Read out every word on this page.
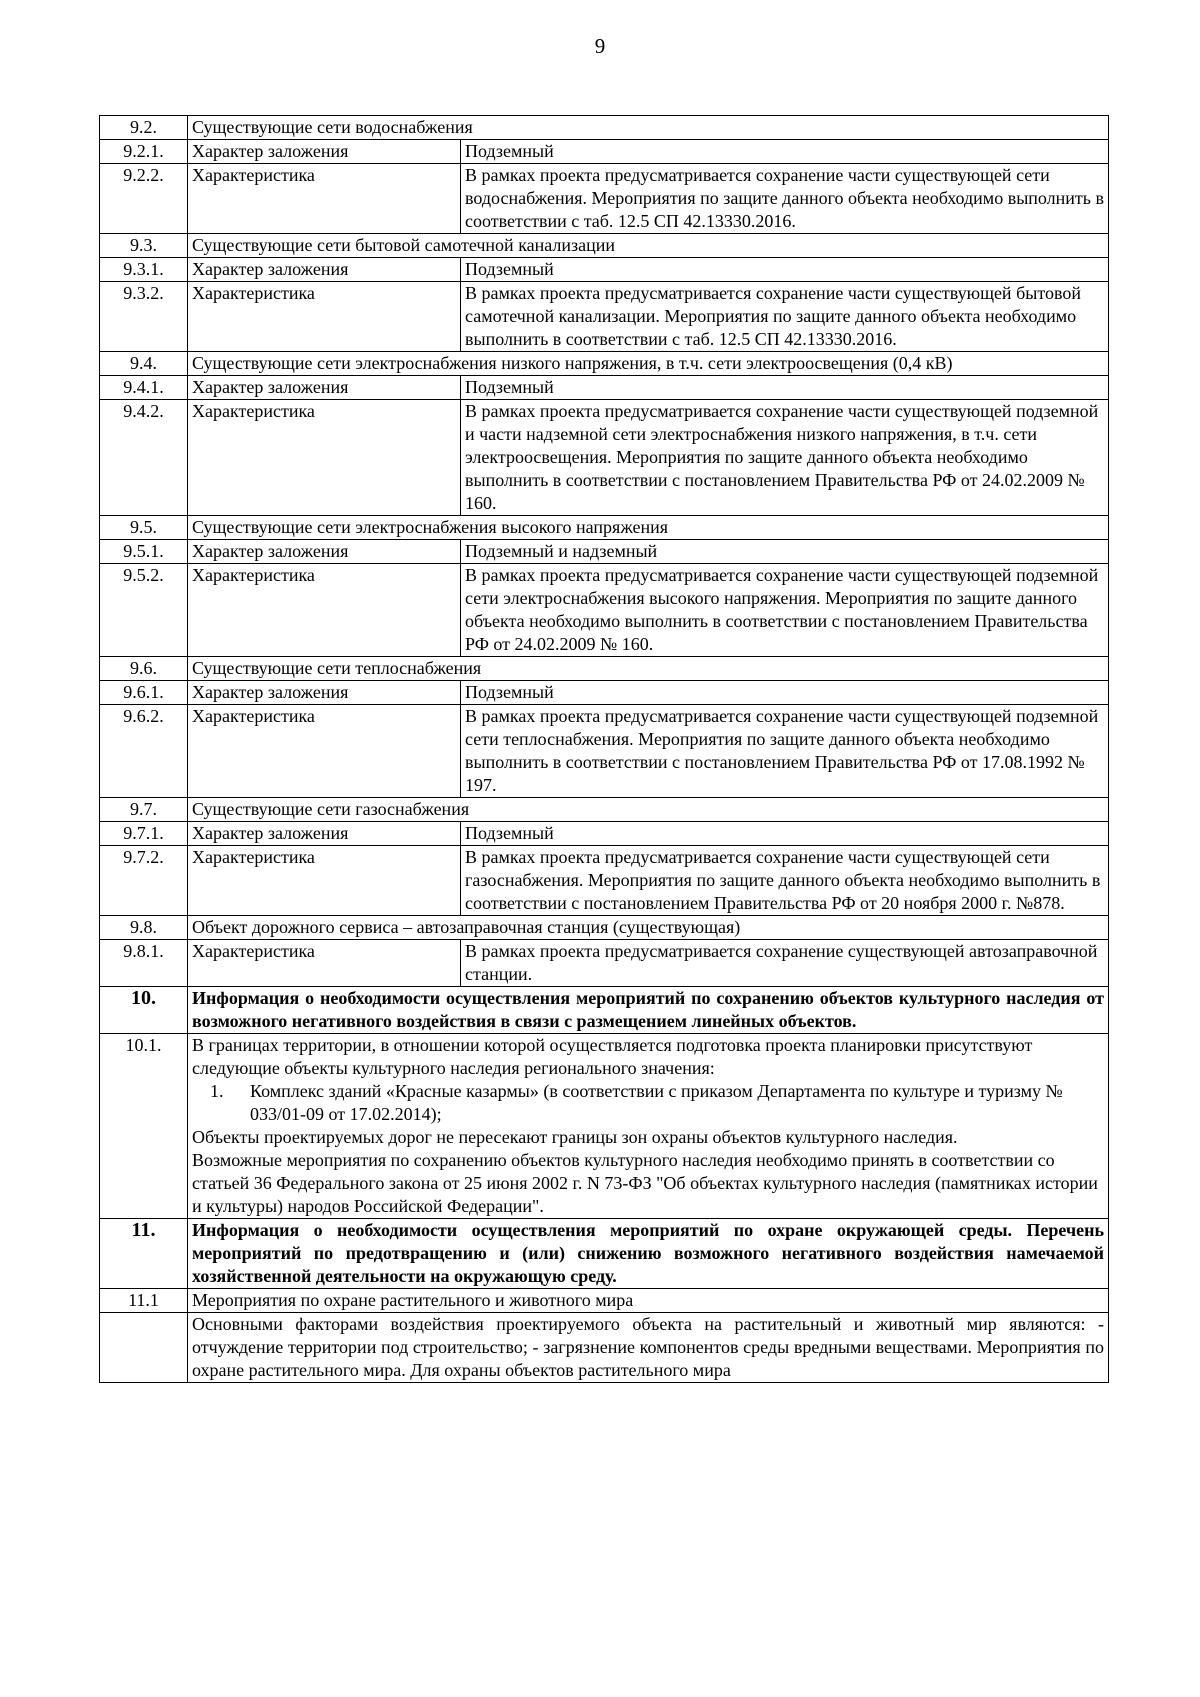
9
9.2.	Существующие сети водоснабжения	
9.2.1.	Характер заложения	Подземный
9.2.2.	Характеристика	В рамках проекта предусматривается сохранение части существующей сети водоснабжения. Мероприятия по защите данного объекта необходимо выполнить в соответствии с таб. 12.5 СП 42.13330.2016.
9.3.	Существующие сети бытовой самотечной канализации	
9.3.1.	Характер заложения	Подземный
9.3.2.	Характеристика	В рамках проекта предусматривается сохранение части существующей бытовой самотечной канализации. Мероприятия по защите данного объекта необходимо выполнить в соответствии с таб. 12.5 СП 42.13330.2016.
9.4.	Существующие сети электроснабжения низкого напряжения, в т.ч. сети электроосвещения (0,4 кВ)	
9.4.1.	Характер заложения	Подземный
9.4.2.	Характеристика	В рамках проекта предусматривается сохранение части существующей подземной и части надземной сети электроснабжения низкого напряжения, в т.ч. сети электроосвещения. Мероприятия по защите данного объекта необходимо выполнить в соответствии с постановлением Правительства РФ от 24.02.2009 № 160.
9.5.	Существующие сети электроснабжения высокого напряжения	
9.5.1.	Характер заложения	Подземный и надземный
9.5.2.	Характеристика	В рамках проекта предусматривается сохранение части существующей подземной сети электроснабжения высокого напряжения. Мероприятия по защите данного объекта необходимо выполнить в соответствии с постановлением Правительства РФ от 24.02.2009 № 160.
9.6.	Существующие сети теплоснабжения	
9.6.1.	Характер заложения	Подземный
9.6.2.	Характеристика	В рамках проекта предусматривается сохранение части существующей подземной сети теплоснабжения. Мероприятия по защите данного объекта необходимо выполнить в соответствии с постановлением Правительства РФ от 17.08.1992 № 197.
9.7.	Существующие сети газоснабжения	
9.7.1.	Характер заложения	Подземный
9.7.2.	Характеристика	В рамках проекта предусматривается сохранение части существующей сети газоснабжения. Мероприятия по защите данного объекта необходимо выполнить в соответствии с постановлением Правительства РФ от 20 ноября 2000 г. №878.
9.8.	Объект дорожного сервиса – автозаправочная станция (существующая)	
9.8.1.	Характеристика	В рамках проекта предусматривается сохранение существующей автозаправочной станции.
10.	Информация о необходимости осуществления мероприятий по сохранению объектов культурного наследия от возможного негативного воздействия в связи с размещением линейных объектов.	
10.1.	В границах территории, в отношении которой осуществляется подготовка проекта планировки присутствуют следующие объекты культурного наследия регионального значения:
1. Комплекс зданий «Красные казармы» (в соответствии с приказом Департамента по культуре и туризму № 033/01-09 от 17.02.2014);
Объекты проектируемых дорог не пересекают границы зон охраны объектов культурного наследия.
Возможные мероприятия по сохранению объектов культурного наследия необходимо принять в соответствии со статьей 36 Федерального закона от 25 июня 2002 г. N 73-ФЗ "Об объектах культурного наследия (памятниках истории и культуры) народов Российской Федерации".	

11.	Информация о необходимости осуществления мероприятий по охране окружающей среды. Перечень мероприятий по предотвращению и (или) снижению возможного негативного воздействия намечаемой хозяйственной деятельности на окружающую среду.	
11.1	Мероприятия по охране растительного и животного мира	
	Основными факторами воздействия проектируемого объекта на растительный и животный мир являются: - отчуждение территории под строительство; - загрязнение компонентов среды вредными веществами. Мероприятия по охране растительного мира. Для охраны объектов растительного мира	
